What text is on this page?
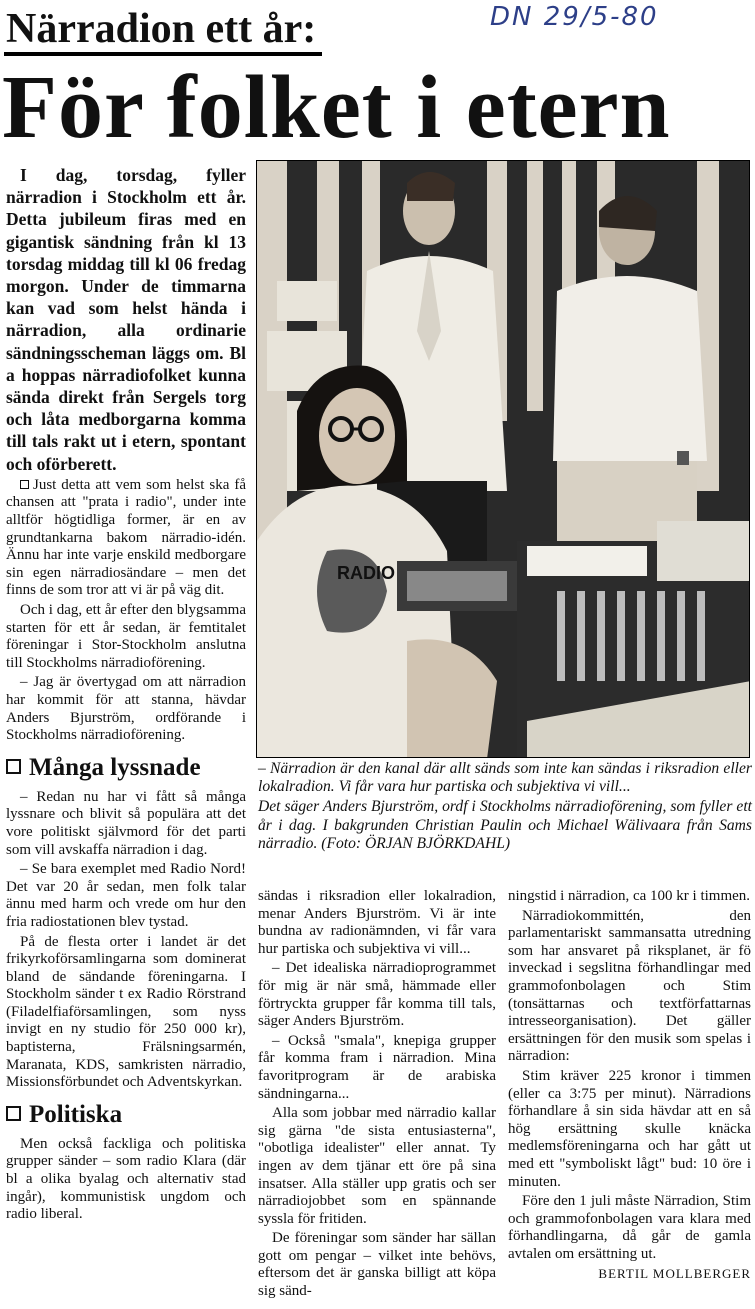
DN 29/5-80
Närradion ett år:
För folket i etern

I dag, torsdag, fyller närradion i Stockholm ett år. Detta jubileum firas med en gigantisk sändning från kl 13 torsdag middag till kl 06 fredag morgon. Under de timmarna kan vad som helst hända i närradion, alla ordinarie sändningsscheman läggs om. Bl a hoppas närradiofolket kunna sända direkt från Sergels torg och låta medborgarna komma till tals rakt ut i etern, spontant och oförberett.

Just detta att vem som helst ska få chansen att "prata i radio", under inte alltför högtidliga former, är en av grundtankarna bakom närradio-idén. Ännu har inte varje enskild medborgare sin egen närradiosändare – men det finns de som tror att vi är på väg dit.

Och i dag, ett år efter den blygsamma starten för ett år sedan, är femtitalet föreningar i Stor-Stockholm anslutna till Stockholms närradioförening.

– Jag är övertygad om att närradion har kommit för att stanna, hävdar Anders Bjurström, ordförande i Stockholms närradioförening.

Många lyssnade

– Redan nu har vi fått så många lyssnare och blivit så populära att det vore politiskt självmord för det parti som vill avskaffa närradion i dag.

– Se bara exemplet med Radio Nord! Det var 20 år sedan, men folk talar ännu med harm och vrede om hur den fria radiostationen blev tystad.

På de flesta orter i landet är det frikyrkoförsamlingarna som dominerat bland de sändande föreningarna. I Stockholm sänder t ex Radio Rörstrand (Filadelfiaförsamlingen, som nyss invigt en ny studio för 250 000 kr), baptisterna, Frälsningsarmén, Maranata, KDS, samkristen närradio, Missionsförbundet och Adventskyrkan.

Politiska

Men också fackliga och politiska grupper sänder – som radio Klara (där bl a olika byalag och alternativ stad ingår), kommunistisk ungdom och radio liberal.

RADIO

– Närradion är den kanal där allt sänds som inte kan sändas i riksradion eller lokalradion. Vi får vara hur partiska och subjektiva vi vill...

Det säger Anders Bjurström, ordf i Stockholms närradioförening, som fyller ett år i dag. I bakgrunden Christian Paulin och Michael Wälivaara från Sams närradio. (Foto: ÖRJAN BJÖRKDAHL)

sändas i riksradion eller lokalradion, menar Anders Bjurström. Vi är inte bundna av radionämnden, vi får vara hur partiska och subjektiva vi vill...

– Det idealiska närradioprogrammet för mig är när små, hämmade eller förtryckta grupper får komma till tals, säger Anders Bjurström.

– Också "smala", knepiga grupper får komma fram i närradion. Mina favoritprogram är de arabiska sändningarna...

Alla som jobbar med närradio kallar sig gärna "de sista entusiasterna", "obotliga idealister" eller annat. Ty ingen av dem tjänar ett öre på sina insatser. Alla ställer upp gratis och ser närradiojobbet som en spännande syssla för fritiden.

De föreningar som sänder har sällan gott om pengar – vilket inte behövs, eftersom det är ganska billigt att köpa sig sänd-

ningstid i närradion, ca 100 kr i timmen.

Närradiokommittén, den parlamentariskt sammansatta utredning som har ansvaret på riksplanet, är fö inveckad i segslitna förhandlingar med grammofonbolagen och Stim (tonsättarnas och textförfattarnas intresseorganisation). Det gäller ersättningen för den musik som spelas i närradion:

Stim kräver 225 kronor i timmen (eller ca 3:75 per minut). Närradions förhandlare å sin sida hävdar att en så hög ersättning skulle knäcka medlemsföreningarna och har gått ut med ett "symboliskt lågt" bud: 10 öre i minuten.

Före den 1 juli måste Närradion, Stim och grammofonbolagen vara klara med förhandlingarna, då går de gamla avtalen om ersättning ut.

BERTIL MOLLBERGER
